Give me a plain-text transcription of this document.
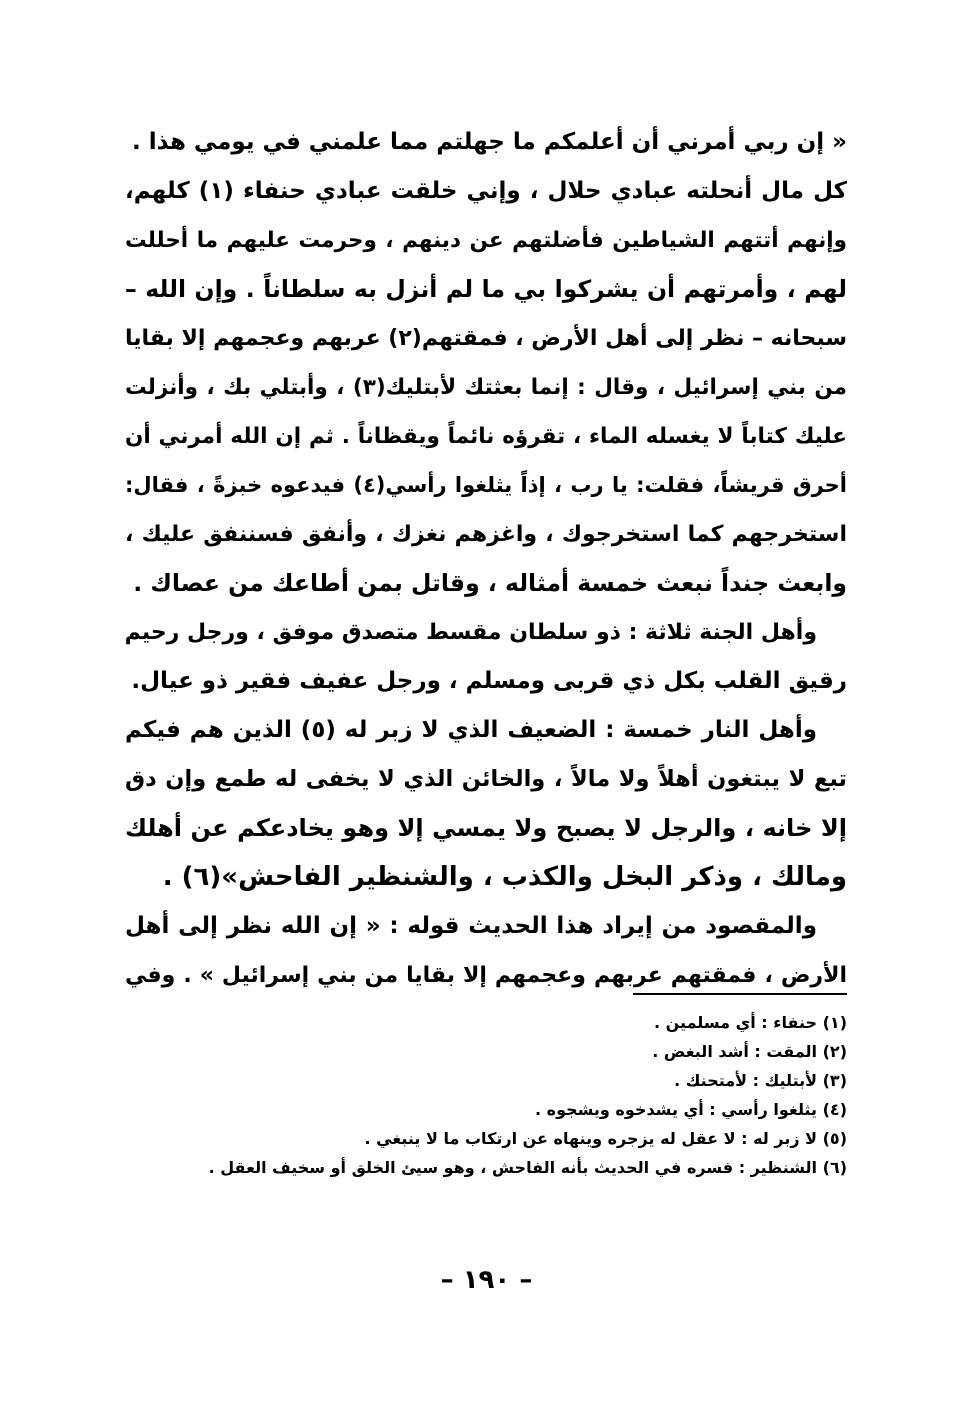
« إن ربي أمرني أن أعلمكم ما جهلتم مما علمني في يومي هذا .
كل مال أنحلته عبادي حلال ، وإني خلقت عبادي حنفاء (١) كلهم،
وإنهم أتتهم الشياطين فأضلتهم عن دينهم ، وحرمت عليهم ما أحللت
لهم ، وأمرتهم أن يشركوا بي ما لم أنزل به سلطاناً . وإن الله –
سبحانه – نظر إلى أهل الأرض ، فمقتهم(٢) عربهم وعجمهم إلا بقايا
من بني إسرائيل ، وقال : إنما بعثتك لأبتليك(٣) ، وأبتلي بك ، وأنزلت
عليك كتاباً لا يغسله الماء ، تقرؤه نائماً ويقظاناً . ثم إن الله أمرني أن
أحرق قريشاً، فقلت: يا رب ، إذاً يثلغوا رأسي(٤) فيدعوه خبزةً ، فقال:
استخرجهم كما استخرجوك ، واغزهم نغزك ، وأنفق فسننفق عليك ،
وابعث جنداً نبعث خمسة أمثاله ، وقاتل بمن أطاعك من عصاك .
وأهل الجنة ثلاثة : ذو سلطان مقسط متصدق موفق ، ورجل رحيم
رقيق القلب بكل ذي قربى ومسلم ، ورجل عفيف فقير ذو عيال.
وأهل النار خمسة : الضعيف الذي لا زبر له (٥) الذين هم فيكم
تبع لا يبتغون أهلاً ولا مالاً ، والخائن الذي لا يخفى له طمع وإن دق
إلا خانه ، والرجل لا يصبح ولا يمسي إلا وهو يخادعكم عن أهلك
ومالك ، وذكر البخل والكذب ، والشنظير الفاحش»(٦) .
والمقصود من إيراد هذا الحديث قوله : « إن الله نظر إلى أهل
الأرض ، فمقتهم عربهم وعجمهم إلا بقايا من بني إسرائيل » . وفي
(١) حنفاء : أي مسلمين .
(٢) المقت : أشد البغض .
(٣) لأبتليك : لأمتحنك .
(٤) يثلغوا رأسي : أي يشدخوه ويشجوه .
(٥) لا زبر له : لا عقل له يزجره وينهاه عن ارتكاب ما لا ينبغي .
(٦) الشنظير : فسره في الحديث بأنه الفاحش ، وهو سيئ الخلق أو سخيف العقل .
– ١٩٠ –
